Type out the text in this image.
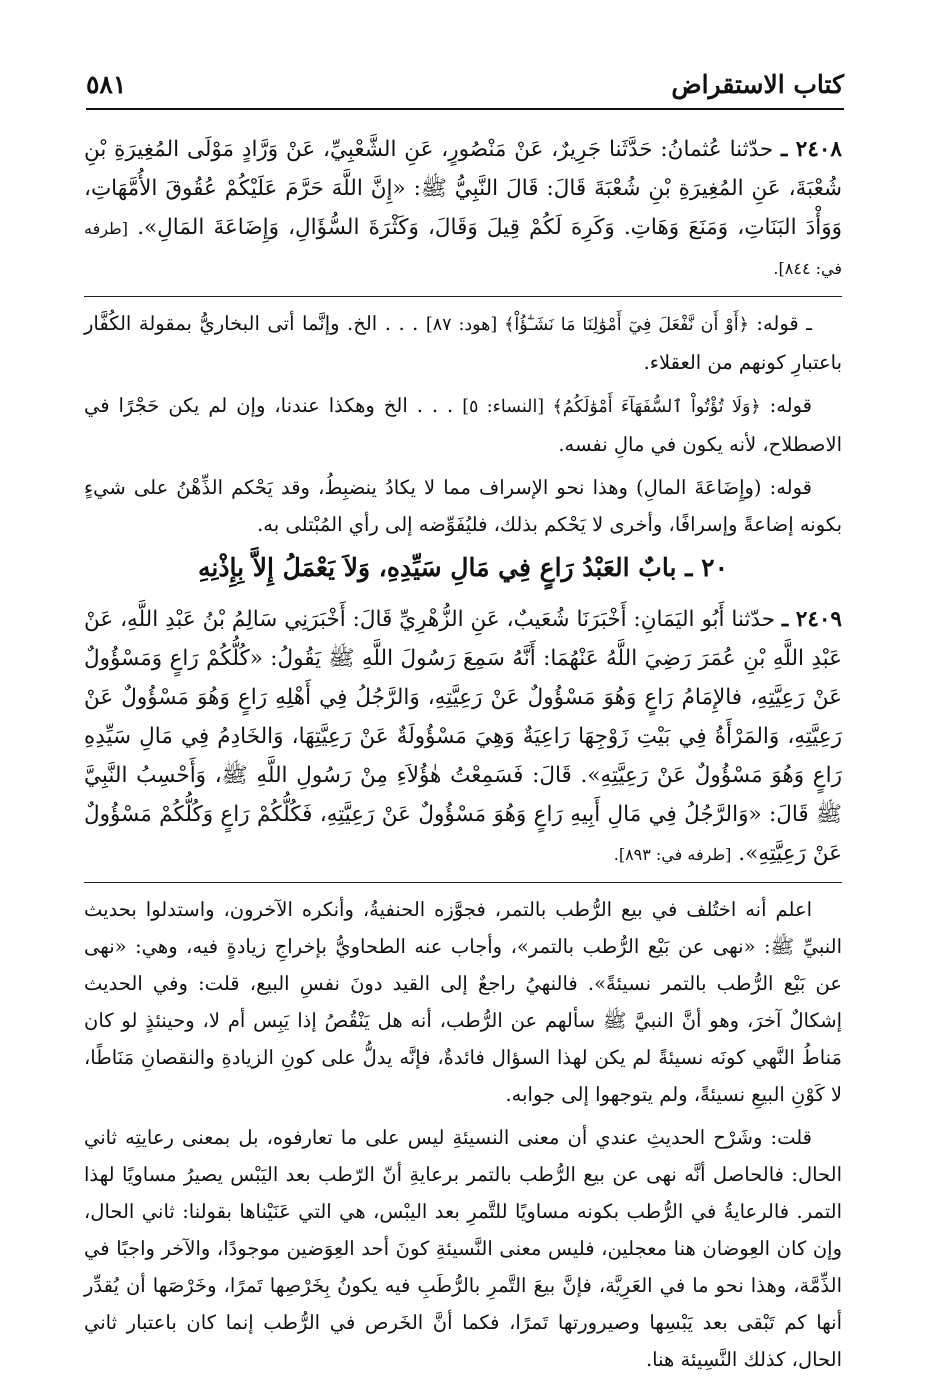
كتاب الاستقراض
٥٨١

٢٤٠٨ ـ حدّثنا عُثمانُ: حَدَّثَنا جَرِيرٌ، عَنْ مَنْصُورٍ، عَنِ الشَّعْبِيِّ، عَنْ وَرَّادٍ مَوْلَى المُغِيرَةِ بْنِ شُعْبَةَ، عَنِ المُغِيرَةِ بْنِ شُعْبَةَ قَالَ: قَالَ النَّبِيُّ ﷺ: «إِنَّ اللَّهَ حَرَّمَ عَلَيْكُمْ عُقُوقَ الأُمَّهَاتِ، وَوَأْدَ البَنَاتِ، وَمَنَعَ وَهَاتِ. وَكَرِهَ لَكُمْ قِيلَ وَقَالَ، وَكَثْرَةَ السُّؤَالِ، وَإِضَاعَةَ المَالِ». [طرفه في: ٨٤٤].

ـ قوله: ﴿أَوْ أَن نَّفْعَلَ فِيٓ أَمْوَٰلِنَا مَا نَشَـٰٓؤُاْ﴾ [هود: ٨٧] . . . الخ. وإنَّما أتى البخاريُّ بمقولة الكُفَّار باعتبارِ كونهم من العقلاء.

قوله: ﴿وَلَا تُؤْتُواْ ٱلسُّفَهَآءَ أَمْوَٰلَكُمُ﴾ [النساء: ٥] . . . الخ وهكذا عندنا، وإن لم يكن حَجْرًا في الاصطلاح، لأنه يكون في مالِ نفسه.

قوله: (وإِضَاعَةَ المالِ) وهذا نحو الإسراف مما لا يكادُ ينضبِطُ، وقد يَحْكم الذِّهْنُ على شيءٍ بكونه إضاعةً وإسرافًا، وأخرى لا يَحْكم بذلك، فليُفَوِّضه إلى رأي المُبْتلى به.

٢٠ ـ بابٌ العَبْدُ رَاعٍ فِي مَالِ سَيِّدِهِ، وَلاَ يَعْمَلُ إِلاَّ بِإِذْنِهِ

٢٤٠٩ ـ حدّثنا أَبُو اليَمَانِ: أَخْبَرَنَا شُعَيبٌ، عَنِ الزُّهْرِيِّ قَالَ: أَخْبَرَنِي سَالِمُ بْنُ عَبْدِ اللَّهِ، عَنْ عَبْدِ اللَّهِ بْنِ عُمَرَ رَضِيَ اللَّهُ عَنْهُمَا: أَنَّهُ سَمِعَ رَسُولَ اللَّهِ ﷺ يَقُولُ: «كُلُّكُمْ رَاعٍ وَمَسْؤُولٌ عَنْ رَعِيَّتِهِ، فالإِمَامُ رَاعٍ وَهُوَ مَسْؤُولٌ عَنْ رَعِيَّتِهِ، وَالرَّجُلُ فِي أَهْلِهِ رَاعٍ وَهُوَ مَسْؤُولٌ عَنْ رَعِيَّتِهِ، وَالمَرْأَةُ فِي بَيْتِ زَوْجِهَا رَاعِيَةٌ وَهِيَ مَسْؤُولَةٌ عَنْ رَعِيَّتِهَا، وَالخَادِمُ فِي مَالِ سَيِّدِهِ رَاعٍ وَهُوَ مَسْؤُولٌ عَنْ رَعِيَّتِهِ». قَالَ: فَسَمِعْتُ هٰؤُلاَءِ مِنْ رَسُولِ اللَّهِ ﷺ، وَأَحْسِبُ النَّبِيَّ ﷺ قَالَ: «وَالرَّجُلُ فِي مَالِ أَبِيهِ رَاعٍ وَهُوَ مَسْؤُولٌ عَنْ رَعِيَّتِهِ، فَكُلُّكُمْ رَاعٍ وَكُلُّكُمْ مَسْؤُولٌ عَنْ رَعِيَّتِهِ». [طرفه في: ٨٩٣].

اعلم أنه اختُلف في بيع الرُّطب بالتمر، فجوَّزه الحنفيةُ، وأنكره الآخرون، واستدلوا بحديث النبيِّ ﷺ: «نهى عن بَيْع الرُّطب بالتمر»، وأجاب عنه الطحاويُّ بإخراجِ زيادةٍ فيه، وهي: «نهى عن بَيْع الرُّطب بالتمر نسيئةً». فالنهيُ راجعٌ إلى القيد دونَ نفسِ البيع، قلت: وفي الحديث إشكالٌ آخرَ، وهو أنَّ النبيَّ ﷺ سألهم عن الرُّطب، أنه هل يَنْقُصُ إذا يَبِس أم لا، وحينئذٍ لو كان مَناطُ النَّهي كونَه نسيئةً لم يكن لهذا السؤال فائدةٌ، فإنَّه يدلُّ على كونِ الزيادةِ والنقصانِ مَنَاطًا، لا كَوْنِ البيعِ نسيئةً، ولم يتوجهوا إلى جوابه.

قلت: وشَرْح الحديثِ عندي أن معنى النسيئةِ ليس على ما تعارفوه، بل بمعنى رعايتِه ثاني الحال: فالحاصل أنَّه نهى عن بيع الرُّطب بالتمر برعايةِ أنّ الرّطب بعد اليَبْس يصيرُ مساويًا لهذا التمر. فالرعايةُ في الرُّطب بكونه مساويًا للتَّمرِ بعد اليبْس، هي التي عَنَيْناها بقولنا: ثاني الحال، وإن كان العِوضان هنا معجلين، فليس معنى النَّسيئةِ كونَ أحد العِوَضين موجودًا، والآخر واجبًا في الذِّمَّة، وهذا نحو ما في العَرِيَّة، فإنَّ بيعَ التَّمرِ بالرُّطَبِ فيه يكونُ بِخَرْصِها تَمرًا، وخَرْصَها أن يُقدِّر أنها كم تَبْقى بعد يَبْسِها وصيرورتها تَمرًا، فكما أنَّ الخَرص في الرُّطب إنما كان باعتبار ثاني الحال، كذلك النَّسِيئة هنا.
